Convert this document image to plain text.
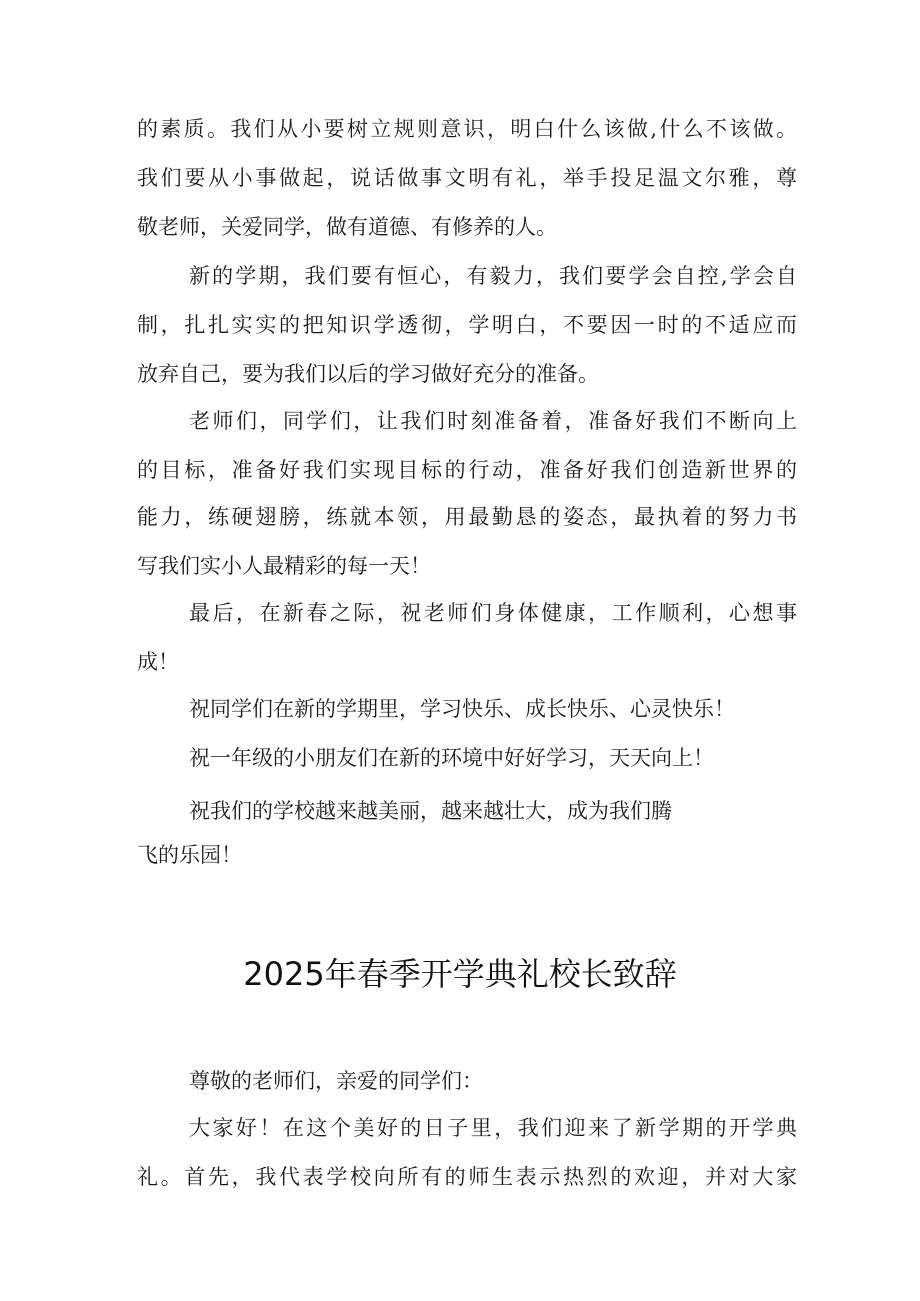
的素质。我们从小要树立规则意识，明白什么该做,什么不该做。

我们要从小事做起，说话做事文明有礼，举手投足温文尔雅，尊

敬老师，关爱同学，做有道德、有修养的人。

新的学期，我们要有恒心，有毅力，我们要学会自控,学会自

制，扎扎实实的把知识学透彻，学明白，不要因一时的不适应而

放弃自己，要为我们以后的学习做好充分的准备。

老师们，同学们，让我们时刻准备着，准备好我们不断向上

的目标，准备好我们实现目标的行动，准备好我们创造新世界的

能力，练硬翅膀，练就本领，用最勤恳的姿态，最执着的努力书

写我们实小人最精彩的每一天！

最后，在新春之际，祝老师们身体健康，工作顺利，心想事

成！

祝同学们在新的学期里，学习快乐、成长快乐、心灵快乐！

祝一年级的小朋友们在新的环境中好好学习，天天向上！

祝我们的学校越来越美丽，越来越壮大，成为我们腾

飞的乐园！

2025年春季开学典礼校长致辞

尊敬的老师们，亲爱的同学们：

大家好！在这个美好的日子里，我们迎来了新学期的开学典

礼。首先，我代表学校向所有的师生表示热烈的欢迎，并对大家
